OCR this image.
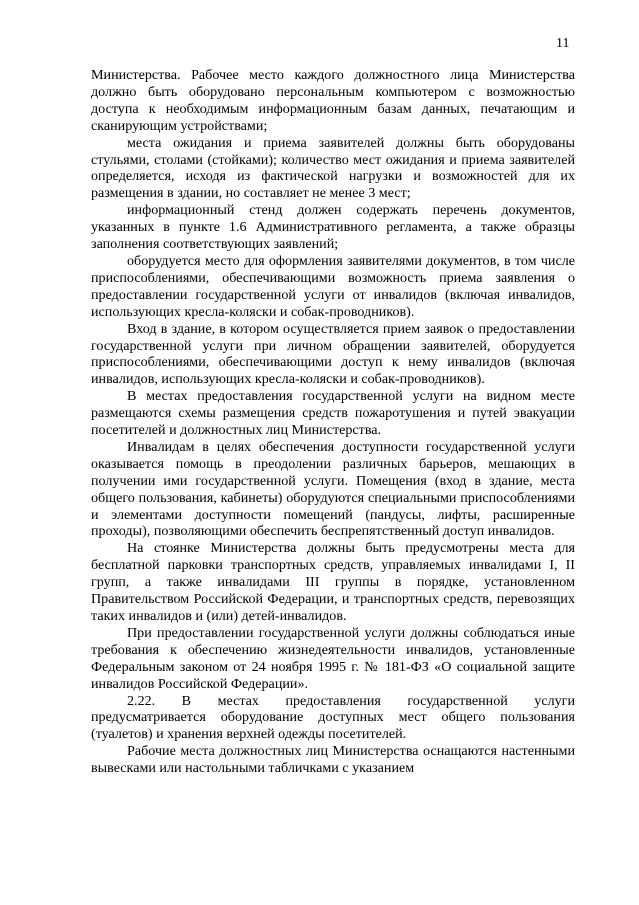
11

Министерства. Рабочее место каждого должностного лица Министерства должно быть оборудовано персональным компьютером с возможностью доступа к необходимым информационным базам данных, печатающим и сканирующим устройствами;

места ожидания и приема заявителей должны быть оборудованы стульями, столами (стойками); количество мест ожидания и приема заявителей определяется, исходя из фактической нагрузки и возможностей для их размещения в здании, но составляет не менее 3 мест;

информационный стенд должен содержать перечень документов, указанных в пункте 1.6 Административного регламента, а также образцы заполнения соответствующих заявлений;

оборудуется место для оформления заявителями документов, в том числе приспособлениями, обеспечивающими возможность приема заявления о предоставлении государственной услуги от инвалидов (включая инвалидов, использующих кресла-коляски и собак-проводников).

Вход в здание, в котором осуществляется прием заявок о предоставлении государственной услуги при личном обращении заявителей, оборудуется приспособлениями, обеспечивающими доступ к нему инвалидов (включая инвалидов, использующих кресла-коляски и собак-проводников).

В местах предоставления государственной услуги на видном месте размещаются схемы размещения средств пожаротушения и путей эвакуации посетителей и должностных лиц Министерства.

Инвалидам в целях обеспечения доступности государственной услуги оказывается помощь в преодолении различных барьеров, мешающих в получении ими государственной услуги. Помещения (вход в здание, места общего пользования, кабинеты) оборудуются специальными приспособлениями и элементами доступности помещений (пандусы, лифты, расширенные проходы), позволяющими обеспечить беспрепятственный доступ инвалидов.

На стоянке Министерства должны быть предусмотрены места для бесплатной парковки транспортных средств, управляемых инвалидами I, II групп, а также инвалидами III группы в порядке, установленном Правительством Российской Федерации, и транспортных средств, перевозящих таких инвалидов и (или) детей-инвалидов.

При предоставлении государственной услуги должны соблюдаться иные требования к обеспечению жизнедеятельности инвалидов, установленные Федеральным законом от 24 ноября 1995 г. № 181-ФЗ «О социальной защите инвалидов Российской Федерации».

2.22. В местах предоставления государственной услуги предусматривается оборудование доступных мест общего пользования (туалетов) и хранения верхней одежды посетителей.

Рабочие места должностных лиц Министерства оснащаются настенными вывесками или настольными табличками с указанием
